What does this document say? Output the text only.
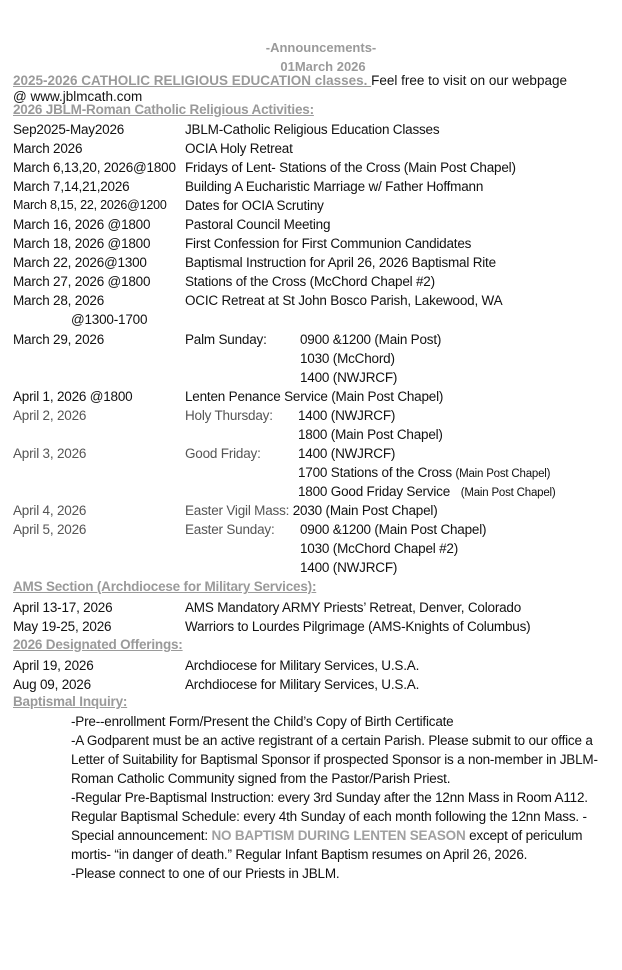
-Announcements-
01March 2026
2025-2026 CATHOLIC RELIGIOUS EDUCATION classes. Feel free to visit on our webpage
@ www.jblmcath.com
2026 JBLM-Roman Catholic Religious Activities:
Sep2025-May2026	JBLM-Catholic Religious Education Classes
March 2026	OCIA Holy Retreat
March 6,13,20, 2026@1800 Fridays of Lent- Stations of the Cross (Main Post Chapel)
March 7,14,21,2026	Building A Eucharistic Marriage w/ Father Hoffmann
March 8,15, 22, 2026@1200 Dates for OCIA Scrutiny
March 16, 2026 @1800	Pastoral Council Meeting
March 18, 2026 @1800	First Confession for First Communion Candidates
March 22, 2026@1300	Baptismal Instruction for April 26, 2026 Baptismal Rite
March 27, 2026 @1800	Stations of the Cross (McChord Chapel #2)
March 28, 2026	OCIC Retreat at St John Bosco Parish, Lakewood, WA
@1300-1700
March 29, 2026	Palm Sunday: 0900 &1200 (Main Post)
1030 (McChord)
1400 (NWJRCF)
April 1, 2026 @1800	Lenten Penance Service (Main Post Chapel)
April 2, 2026	Holy Thursday: 1400 (NWJRCF)
1800 (Main Post Chapel)
April 3, 2026	Good Friday:	1400 (NWJRCF)
1700 Stations of the Cross (Main Post Chapel)
1800 Good Friday Service   (Main Post Chapel)
April 4, 2026	Easter Vigil Mass: 2030 (Main Post Chapel)
April 5, 2026	Easter Sunday: 0900 &1200 (Main Post Chapel)
1030 (McChord Chapel #2)
1400 (NWJRCF)
AMS Section (Archdiocese for Military Services):
April 13-17, 2026	AMS Mandatory ARMY Priests’ Retreat, Denver, Colorado
May 19-25, 2026	Warriors to Lourdes Pilgrimage (AMS-Knights of Columbus)
2026 Designated Offerings:
April 19, 2026	Archdiocese for Military Services, U.S.A.
Aug 09, 2026	Archdiocese for Military Services, U.S.A.
Baptismal Inquiry:
-Pre--enrollment Form/Present the Child’s Copy of Birth Certificate
-A Godparent must be an active registrant of a certain Parish. Please submit to our office a Letter of Suitability for Baptismal Sponsor if prospected Sponsor is a non-member in JBLM-Roman Catholic Community signed from the Pastor/Parish Priest.
-Regular Pre-Baptismal Instruction: every 3rd Sunday after the 12nn Mass in Room A112. Regular Baptismal Schedule: every 4th Sunday of each month following the 12nn Mass. -Special announcement: NO BAPTISM DURING LENTEN SEASON except of periculum mortis- “in danger of death.” Regular Infant Baptism resumes on April 26, 2026.
-Please connect to one of our Priests in JBLM.
